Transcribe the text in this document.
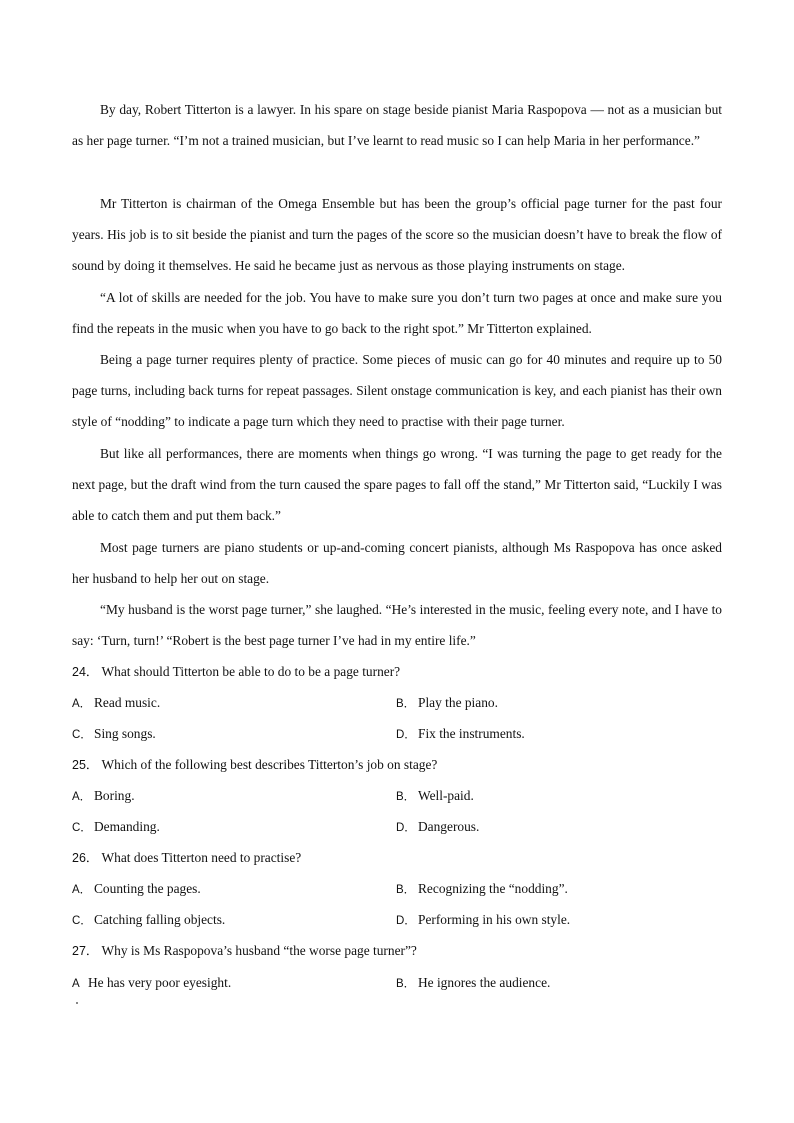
By day, Robert Titterton is a lawyer. In his spare on stage beside pianist Maria Raspopova — not as a musician but as her page turner. “I’m not a trained musician, but I’ve learnt to read music so I can help Maria in her performance.”

Mr Titterton is chairman of the Omega Ensemble but has been the group’s official page turner for the past four years. His job is to sit beside the pianist and turn the pages of the score so the musician doesn’t have to break the flow of sound by doing it themselves. He said he became just as nervous as those playing instruments on stage.

“A lot of skills are needed for the job. You have to make sure you don’t turn two pages at once and make sure you find the repeats in the music when you have to go back to the right spot.” Mr Titterton explained.

Being a page turner requires plenty of practice. Some pieces of music can go for 40 minutes and require up to 50 page turns, including back turns for repeat passages. Silent onstage communication is key, and each pianist has their own style of “nodding” to indicate a page turn which they need to practise with their page turner.

But like all performances, there are moments when things go wrong. “I was turning the page to get ready for the next page, but the draft wind from the turn caused the spare pages to fall off the stand,” Mr Titterton said, “Luckily I was able to catch them and put them back.”

Most page turners are piano students or up-and-coming concert pianists, although Ms Raspopova has once asked her husband to help her out on stage.

“My husband is the worst page turner,” she laughed. “He’s interested in the music, feeling every note, and I have to say: ‘Turn, turn!’ “Robert is the best page turner I’ve had in my entire life.”

24． What should Titterton be able to do to be a page turner?

A． Read music.	B． Play the piano.
C． Sing songs.	D． Fix the instruments.

25． Which of the following best describes Titterton’s job on stage?

A． Boring.	B． Well-paid.
C． Demanding.	D． Dangerous.

26． What does Titterton need to practise?

A． Counting the pages.	B． Recognizing the “nodding”.
C． Catching falling objects.	D． Performing in his own style.

27． Why is Ms Raspopova’s husband “the worse page turner”?

A He has very poor eyesight.	B． He ignores the audience.
